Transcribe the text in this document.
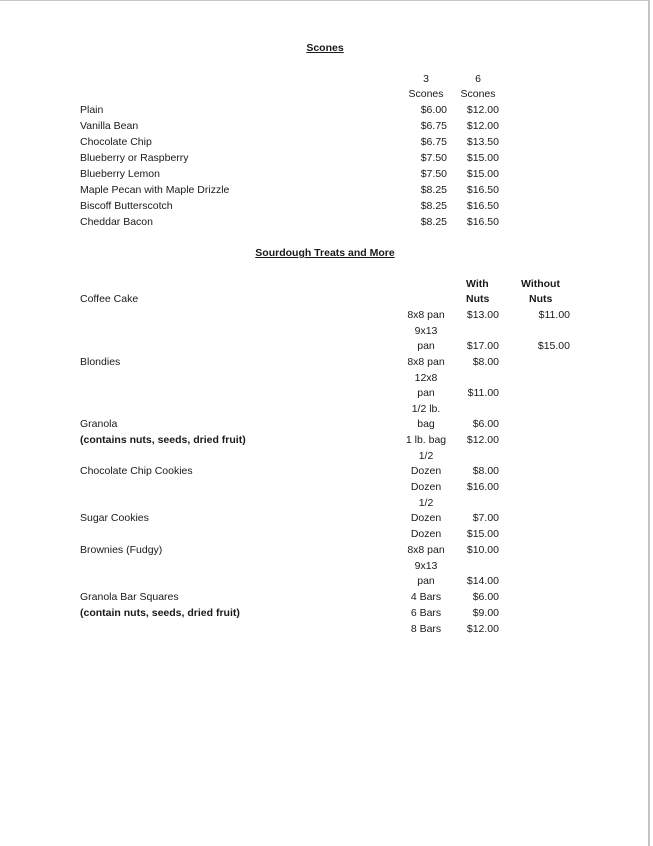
Scones
3
Scones
6
Scones
Plain	$6.00 $12.00
Vanilla Bean	$6.75 $12.00
Chocolate Chip	$6.75 $13.50
Blueberry or Raspberry	$7.50 $15.00
Blueberry Lemon	$7.50 $15.00
Maple Pecan with Maple Drizzle	$8.25 $16.50
Biscoff Butterscotch	$8.25 $16.50
Cheddar Bacon	$8.25 $16.50
Sourdough Treats and More
With
Nuts
Without
Nuts
Coffee Cake
8x8 pan $13.00	$11.00
9x13
pan	$17.00	$15.00
Blondies	8x8 pan	$8.00
12x8
pan	$11.00
Granola
1/2 lb.
bag	$6.00
(contains nuts, seeds, dried fruit)	1 lb. bag $12.00
Chocolate Chip Cookies
1/2
Dozen	$8.00
Dozen $16.00
Sugar Cookies
1/2
Dozen	$7.00
Dozen $15.00
Brownies (Fudgy)	8x8 pan $10.00
9x13
pan	$14.00
Granola Bar Squares	4 Bars	$6.00
(contain nuts, seeds, dried fruit)	6 Bars	$9.00
8 Bars $12.00
